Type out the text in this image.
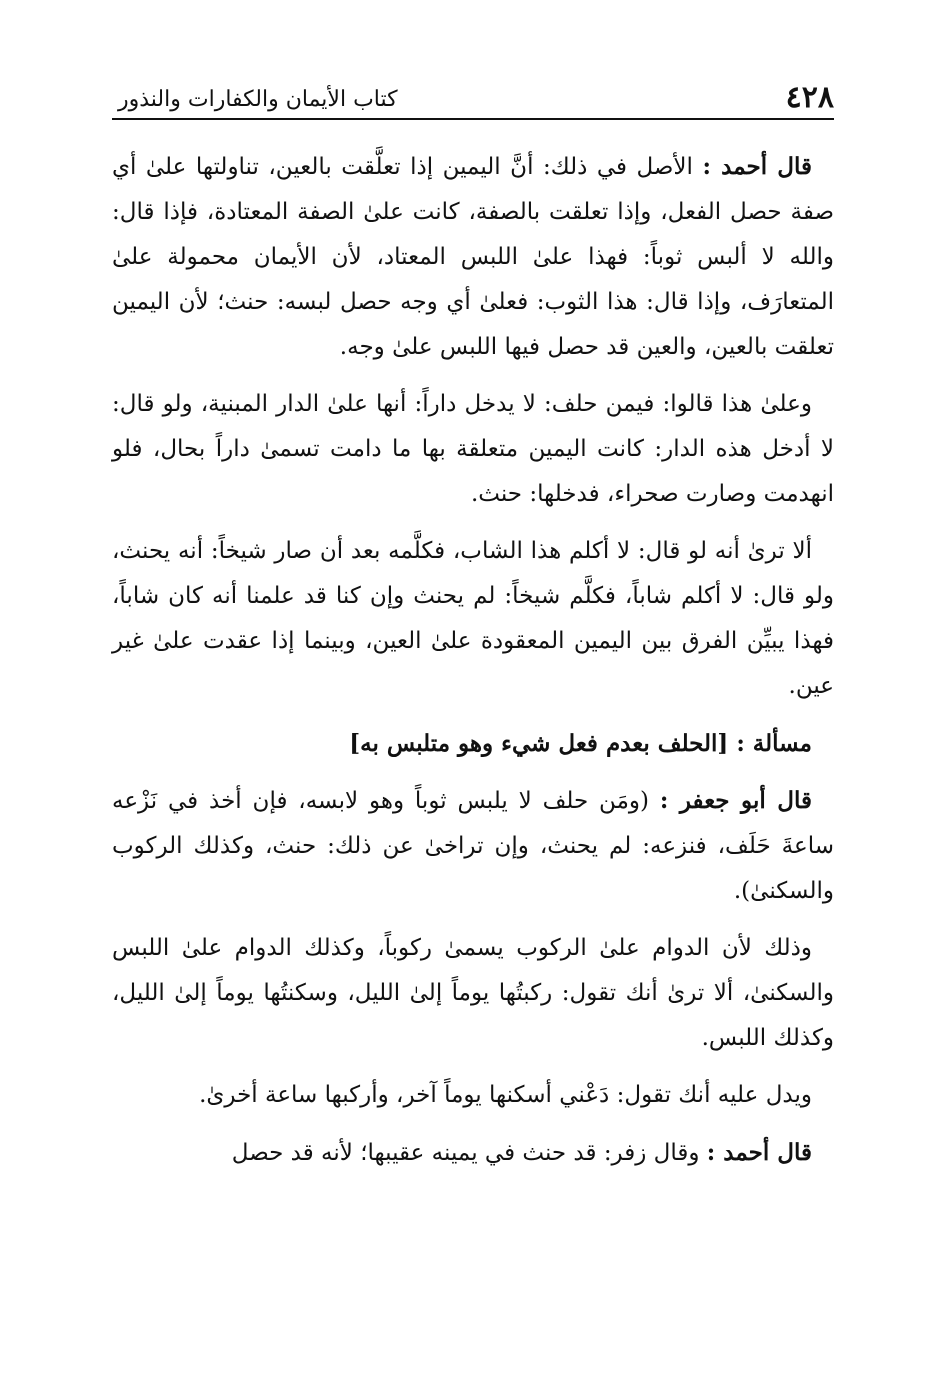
٤٢٨
كتاب الأيمان والكفارات والنذور

قال أحمد : الأصل في ذلك: أنَّ اليمين إذا تعلَّقت بالعين، تناولتها علىٰ أي صفة حصل الفعل، وإذا تعلقت بالصفة، كانت علىٰ الصفة المعتادة، فإذا قال: والله لا ألبس ثوباً: فهذا علىٰ اللبس المعتاد، لأن الأيمان محمولة علىٰ المتعارَف، وإذا قال: هذا الثوب: فعلىٰ أي وجه حصل لبسه: حنث؛ لأن اليمين تعلقت بالعين، والعين قد حصل فيها اللبس علىٰ وجه.

وعلىٰ هذا قالوا: فيمن حلف: لا يدخل داراً: أنها علىٰ الدار المبنية، ولو قال: لا أدخل هذه الدار: كانت اليمين متعلقة بها ما دامت تسمىٰ داراً بحال، فلو انهدمت وصارت صحراء، فدخلها: حنث.

ألا ترىٰ أنه لو قال: لا أكلم هذا الشاب، فكلَّمه بعد أن صار شيخاً: أنه يحنث، ولو قال: لا أكلم شاباً، فكلَّم شيخاً: لم يحنث وإن كنا قد علمنا أنه كان شاباً، فهذا يبيِّن الفرق بين اليمين المعقودة علىٰ العين، وبينما إذا عقدت علىٰ غير عين.

مسألة : [الحلف بعدم فعل شيء وهو متلبس به]

قال أبو جعفر : (ومَن حلف لا يلبس ثوباً وهو لابسه، فإن أخذ في نَزْعه ساعةَ حَلَف، فنزعه: لم يحنث، وإن تراخىٰ عن ذلك: حنث، وكذلك الركوب والسكنىٰ).

وذلك لأن الدوام علىٰ الركوب يسمىٰ ركوباً، وكذلك الدوام علىٰ اللبس والسكنىٰ، ألا ترىٰ أنك تقول: ركبتُها يوماً إلىٰ الليل، وسكنتُها يوماً إلىٰ الليل، وكذلك اللبس.

ويدل عليه أنك تقول: دَعْني أسكنها يوماً آخر، وأركبها ساعة أخرىٰ.

قال أحمد : وقال زفر: قد حنث في يمينه عقيبها؛ لأنه قد حصل
